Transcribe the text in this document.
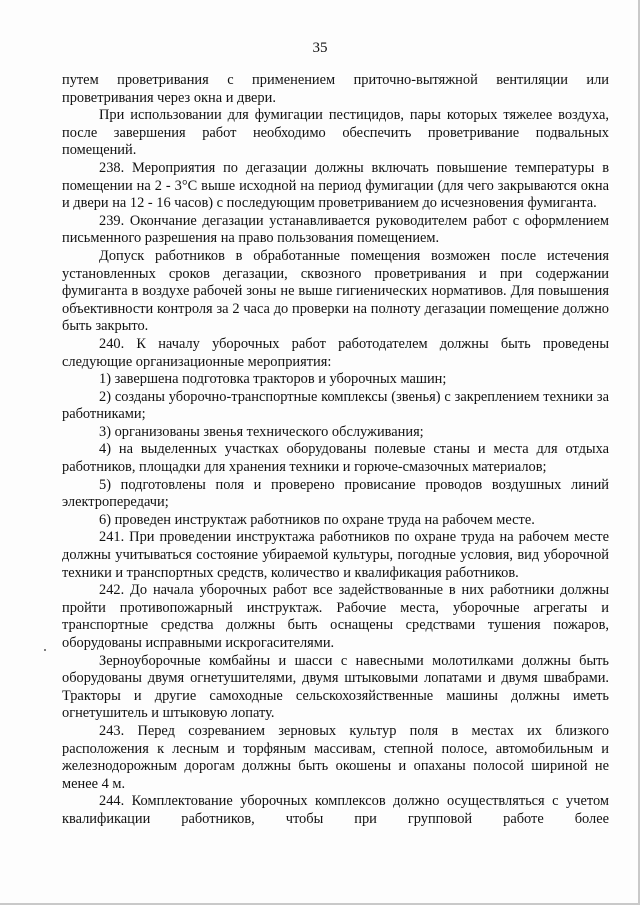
35

путем проветривания с применением приточно-вытяжной вентиляции или проветривания через окна и двери.

При использовании для фумигации пестицидов, пары которых тяжелее воздуха, после завершения работ необходимо обеспечить проветривание подвальных помещений.

238. Мероприятия по дегазации должны включать повышение температуры в помещении на 2 - 3°С выше исходной на период фумигации (для чего закрываются окна и двери на 12 - 16 часов) с последующим проветриванием до исчезновения фумиганта.

239. Окончание дегазации устанавливается руководителем работ с оформлением письменного разрешения на право пользования помещением.

Допуск работников в обработанные помещения возможен после истечения установленных сроков дегазации, сквозного проветривания и при содержании фумиганта в воздухе рабочей зоны не выше гигиенических нормативов. Для повышения объективности контроля за 2 часа до проверки на полноту дегазации помещение должно быть закрыто.

240. К началу уборочных работ работодателем должны быть проведены следующие организационные мероприятия:

1) завершена подготовка тракторов и уборочных машин;

2) созданы уборочно-транспортные комплексы (звенья) с закреплением техники за работниками;

3) организованы звенья технического обслуживания;

4) на выделенных участках оборудованы полевые станы и места для отдыха работников, площадки для хранения техники и горюче-смазочных материалов;

5) подготовлены поля и проверено провисание проводов воздушных линий электропередачи;

6) проведен инструктаж работников по охране труда на рабочем месте.

241. При проведении инструктажа работников по охране труда на рабочем месте должны учитываться состояние убираемой культуры, погодные условия, вид уборочной техники и транспортных средств, количество и квалификация работников.

242. До начала уборочных работ все задействованные в них работники должны пройти противопожарный инструктаж. Рабочие места, уборочные агрегаты и транспортные средства должны быть оснащены средствами тушения пожаров, оборудованы исправными искрогасителями.

Зерноуборочные комбайны и шасси с навесными молотилками должны быть оборудованы двумя огнетушителями, двумя штыковыми лопатами и двумя швабрами. Тракторы и другие самоходные сельскохозяйственные машины должны иметь огнетушитель и штыковую лопату.

243. Перед созреванием зерновых культур поля в местах их близкого расположения к лесным и торфяным массивам, степной полосе, автомобильным и железнодорожным дорогам должны быть окошены и опаханы полосой шириной не менее 4 м.

244. Комплектование уборочных комплексов должно осуществляться с учетом квалификации работников, чтобы при групповой работе более
